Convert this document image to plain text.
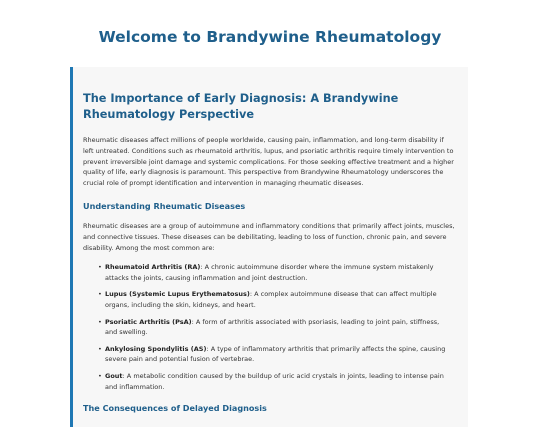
Welcome to Brandywine Rheumatology
The Importance of Early Diagnosis: A Brandywine Rheumatology Perspective

Rheumatic diseases affect millions of people worldwide, causing pain, inflammation, and long-term disability if left untreated. Conditions such as rheumatoid arthritis, lupus, and psoriatic arthritis require timely intervention to prevent irreversible joint damage and systemic complications. For those seeking effective treatment and a higher quality of life, early diagnosis is paramount. This perspective from Brandywine Rheumatology underscores the crucial role of prompt identification and intervention in managing rheumatic diseases.

Understanding Rheumatic Diseases

Rheumatic diseases are a group of autoimmune and inflammatory conditions that primarily affect joints, muscles, and connective tissues. These diseases can be debilitating, leading to loss of function, chronic pain, and severe disability. Among the most common are:

• Rheumatoid Arthritis (RA): A chronic autoimmune disorder where the immune system mistakenly attacks the joints, causing inflammation and joint destruction.
• Lupus (Systemic Lupus Erythematosus): A complex autoimmune disease that can affect multiple organs, including the skin, kidneys, and heart.
• Psoriatic Arthritis (PsA): A form of arthritis associated with psoriasis, leading to joint pain, stiffness, and swelling.
• Ankylosing Spondylitis (AS): A type of inflammatory arthritis that primarily affects the spine, causing severe pain and potential fusion of vertebrae.
• Gout: A metabolic condition caused by the buildup of uric acid crystals in joints, leading to intense pain and inflammation.
The Consequences of Delayed Diagnosis
